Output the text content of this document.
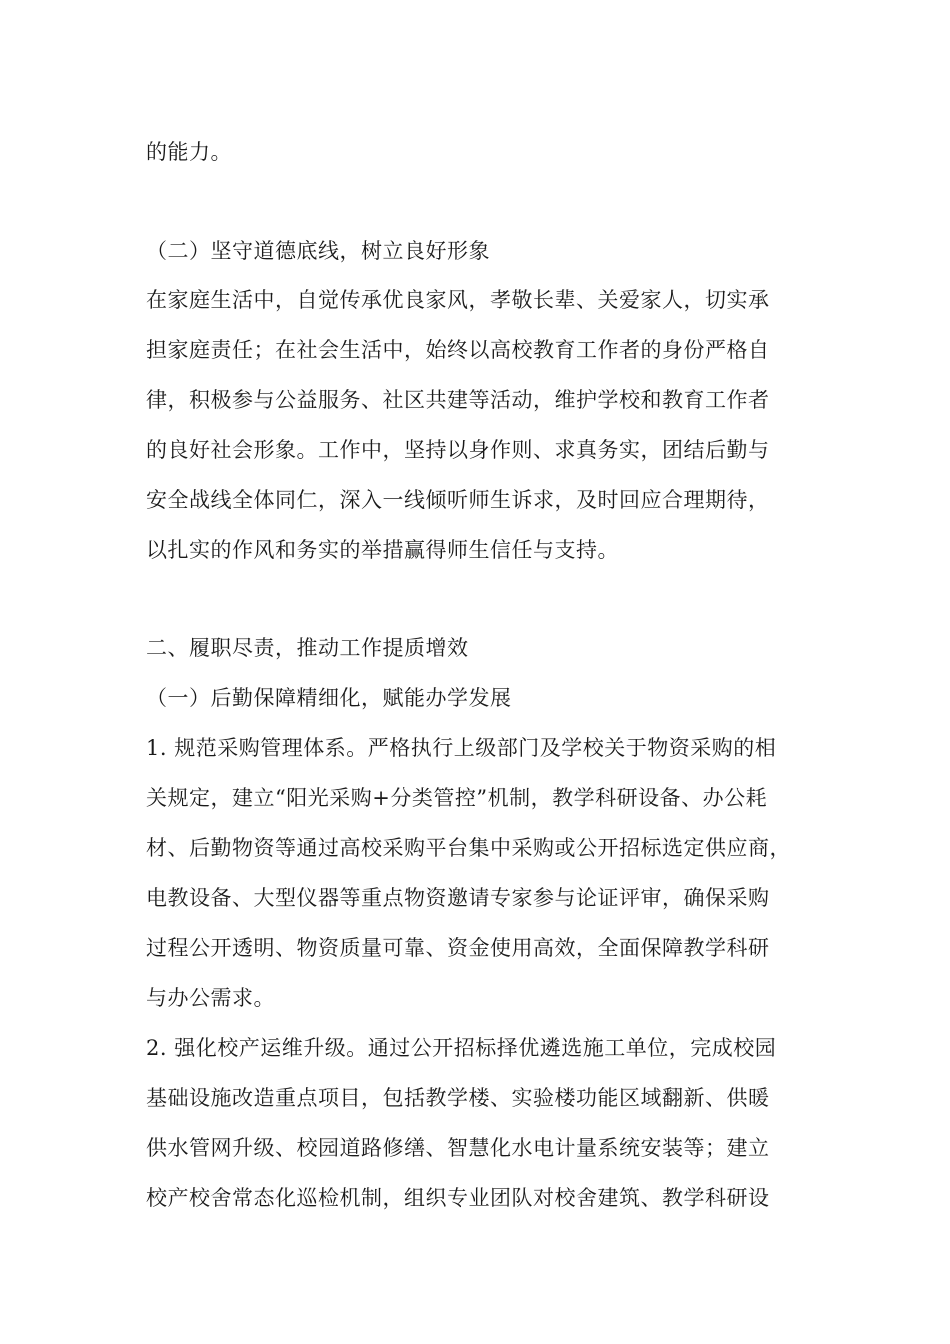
的能力。
（二）坚守道德底线，树立良好形象
在家庭生活中，自觉传承优良家风，孝敬长辈、关爱家人，切实承
担家庭责任；在社会生活中，始终以高校教育工作者的身份严格自
律，积极参与公益服务、社区共建等活动，维护学校和教育工作者
的良好社会形象。工作中，坚持以身作则、求真务实，团结后勤与
安全战线全体同仁，深入一线倾听师生诉求，及时回应合理期待，
以扎实的作风和务实的举措赢得师生信任与支持。
二、履职尽责，推动工作提质增效
（一）后勤保障精细化，赋能办学发展
1. 规范采购管理体系。严格执行上级部门及学校关于物资采购的相
关规定，建立“阳光采购+分类管控”机制，教学科研设备、办公耗
材、后勤物资等通过高校采购平台集中采购或公开招标选定供应商，
电教设备、大型仪器等重点物资邀请专家参与论证评审，确保采购
过程公开透明、物资质量可靠、资金使用高效，全面保障教学科研
与办公需求。
2. 强化校产运维升级。通过公开招标择优遴选施工单位，完成校园
基础设施改造重点项目，包括教学楼、实验楼功能区域翻新、供暖
供水管网升级、校园道路修缮、智慧化水电计量系统安装等；建立
校产校舍常态化巡检机制，组织专业团队对校舍建筑、教学科研设
